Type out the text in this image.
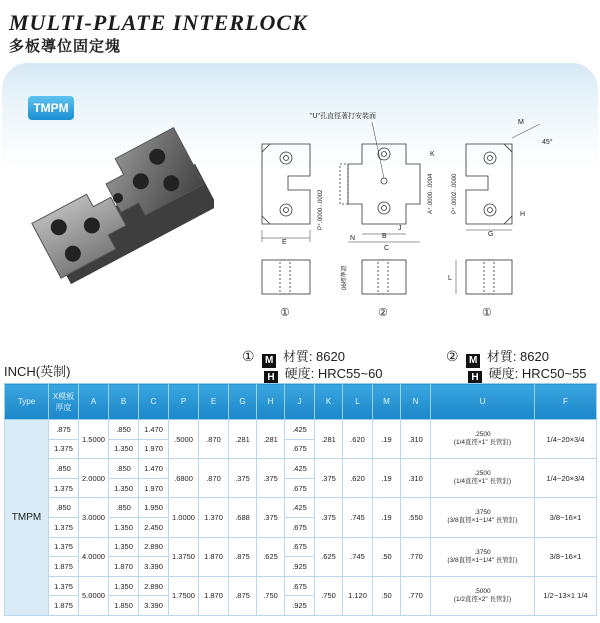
MULTI-PLATE INTERLOCK
多板導位固定塊
TMPM
E
"U"孔直徑著打安裝面
N	B
C
J
K
A⁺.0000₋.0004
P⁺.0000₋.0002
M
45°
H
G
P⁺.0002₋.0000
L
06標準證
①	②	①
INCH(英制)
① M 材質: 8620
H 硬度: HRC55~60
② M 材質: 8620
H 硬度: HRC50~55
Type	X模板厚度	A	B	C	P	E	G	H	J	K	L	M	N	U	F
TMPM	.875	1.5000	.850	1.470	.5000	.870	.281	.281	.425	.281	.620	.19	.310	.2500
(1/4直徑×1" 長管釘)	1/4−20×3/4
	1.375		1.350	1.970					.675						
	.850	2.0000	.850	1.470	.6800	.870	.375	.375	.425	.375	.620	.19	.310	.2500
(1/4直徑×1" 長管釘)	1/4−20×3/4
	1.375		1.350	1.970					.675						
	.850	3.0000	.850	1.950	1.0000	1.370	.688	.375	.425	.375	.745	.19	.550	.3750
(3/8直徑×1−1/4" 長管釘)	3/8−16×1
	1.375		1.350	2.450					.675						
	1.375	4.0000	1.350	2.890	1.3750	1.870	.875	.625	.675	.625	.745	.50	.770	.3750
(3/8直徑×1−1/4" 長管釘)	3/8−16×1
	1.875		1.870	3.390					.925						
	1.375	5.0000	1.350	2.890	1.7500	1.870	.875	.750	.675	.750	1.120	.50	.770	.5000
(1/2直徑×2" 長管釘)	1/2−13×1 1/4
	1.875		1.850	3.390					.925						
